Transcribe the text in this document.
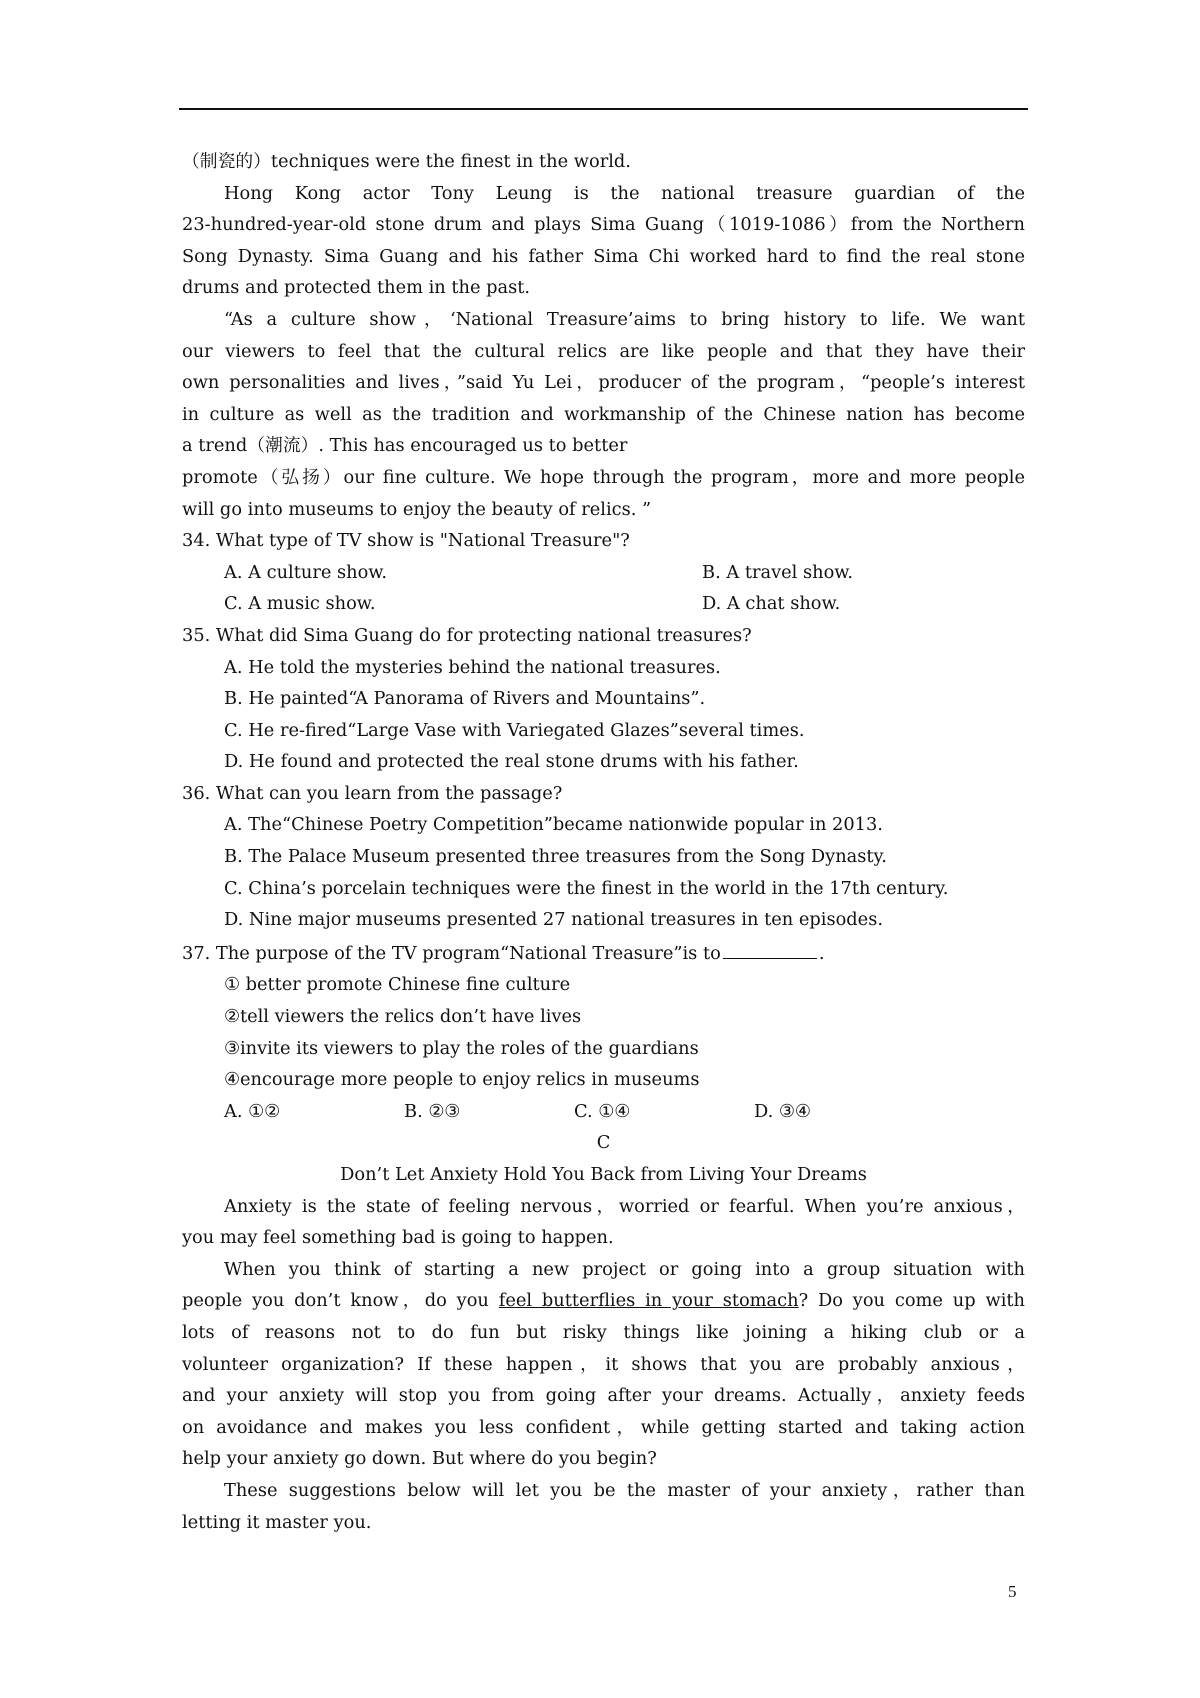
（制瓷的）techniques were the finest in the world.

Hong Kong actor Tony Leung is the national treasure guardian of the

23-hundred-year-old stone drum and plays Sima Guang（1019-1086）from the Northern

Song Dynasty. Sima Guang and his father Sima Chi worked hard to find the real stone

drums and protected them in the past.

“As a culture show，‘National Treasure’aims to bring history to life. We want

our viewers to feel that the cultural relics are like people and that they have their

own personalities and lives，”said Yu Lei，producer of the program，“people’s interest

in culture as well as the tradition and workmanship of the Chinese nation has become

a trend（潮流）. This has encouraged us to better

promote（弘扬）our fine culture. We hope through the program，more and more people

will go into museums to enjoy the beauty of relics. ”

34. What type of TV show is "National Treasure"?

A. A culture show.	B. A travel show.
C. A music show.	D. A chat show.

35. What did Sima Guang do for protecting national treasures?

A. He told the mysteries behind the national treasures.

B. He painted“A Panorama of Rivers and Mountains”.

C. He re-fired“Large Vase with Variegated Glazes”several times.

D. He found and protected the real stone drums with his father.

36. What can you learn from the passage?

A. The“Chinese Poetry Competition”became nationwide popular in 2013.

B. The Palace Museum presented three treasures from the Song Dynasty.

C. China’s porcelain techniques were the finest in the world in the 17th century.

D. Nine major museums presented 27 national treasures in ten episodes.

37. The purpose of the TV program“National Treasure”is to	.

① better promote Chinese fine culture

②tell viewers the relics don’t have lives

③invite its viewers to play the roles of the guardians

④encourage more people to enjoy relics in museums

A. ①②	B. ②③	C. ①④	D. ③④

C

Don’t Let Anxiety Hold You Back from Living Your Dreams

Anxiety is the state of feeling nervous，worried or fearful. When you’re anxious，

you may feel something bad is going to happen.

When you think of starting a new project or going into a group situation with

people you don’t know，do you feel butterflies in your stomach? Do you come up with

lots of reasons not to do fun but risky things like joining a hiking club or a

volunteer organization? If these happen，it shows that you are probably anxious，

and your anxiety will stop you from going after your dreams. Actually，anxiety feeds

on avoidance and makes you less confident，while getting started and taking action

help your anxiety go down. But where do you begin?

These suggestions below will let you be the master of your anxiety，rather than

letting it master you.

5
